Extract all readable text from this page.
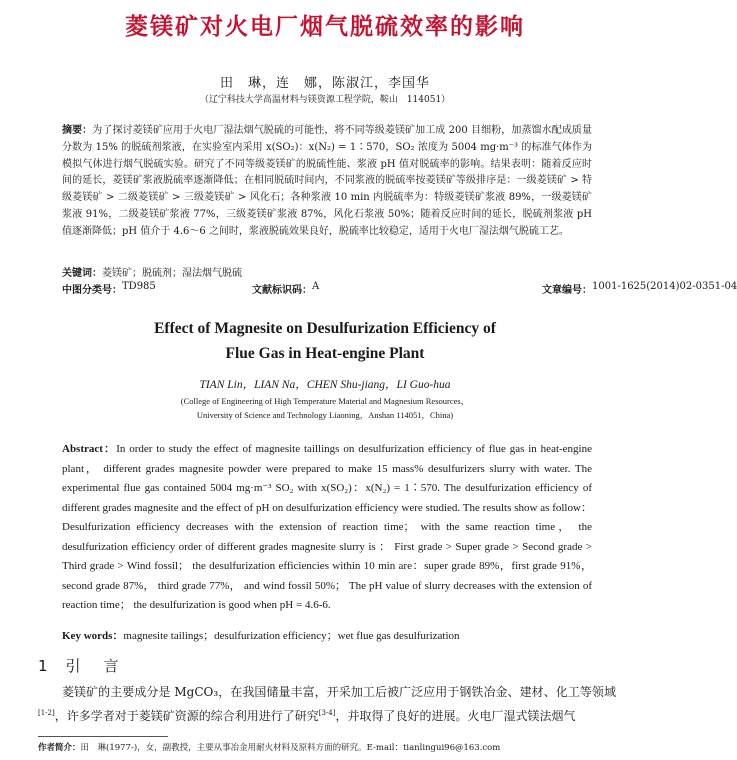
菱镁矿对火电厂烟气脱硫效率的影响
田　琳，连　娜，陈淑江，李国华
（辽宁科技大学高温材料与镁资源工程学院，鞍山　114051）
摘要：为了探讨菱镁矿应用于火电厂湿法烟气脱硫的可能性，将不同等级菱镁矿加工成 200 目细粉，加蒸馏水配成质量分数为 15% 的脱硫剂浆液，在实验室内采用 x(SO₂)：x(N₂) = 1∶570，SO₂ 浓度为 5004 mg·m⁻³ 的标准气体作为模拟气体进行烟气脱硫实验。研究了不同等级菱镁矿的脱硫性能、浆液 pH 值对脱硫率的影响。结果表明：随着反应时间的延长，菱镁矿浆液脱硫率逐渐降低；在相同脱硫时间内，不同浆液的脱硫率按菱镁矿等级排序是：一级菱镁矿 > 特级菱镁矿 > 二级菱镁矿 > 三级菱镁矿 > 风化石；各种浆液 10 min 内脱硫率为：特级菱镁矿浆液 89%，一级菱镁矿浆液 91%，二级菱镁矿浆液 77%，三级菱镁矿浆液 87%，风化石浆液 50%；随着反应时间的延长，脱硫剂浆液 pH 值逐渐降低；pH 值介于 4.6～6 之间时，浆液脱硫效果良好，脱硫率比较稳定，适用于火电厂湿法烟气脱硫工艺。
关键词：菱镁矿；脱硫剂；湿法烟气脱硫
中图分类号： TD985	文献标识码： A	文章编号： 1001-1625(2014)02-0351-04
Effect of Magnesite on Desulfurization Efficiency of
Flue Gas in Heat-engine Plant
TIAN Lin，LIAN Na，CHEN Shu-jiang，LI Guo-hua
(College of Engineering of High Temperature Material and Magnesium Resources，
University of Science and Technology Liaoning，Anshan 114051，China)
Abstract：In order to study the effect of magnesite taillings on desulfurization efficiency of flue gas in heat-engine plant， different grades magnesite powder were prepared to make 15 mass% desulfurizers slurry with water. The experimental flue gas contained 5004 mg·m⁻³ SO₂ with x(SO₂)：x(N₂) = 1∶570. The desulfurization efficiency of different grades magnesite and the effect of pH on desulfurization efficiency were studied. The results show as follow：Desulfurization efficiency decreases with the extension of reaction time； with the same reaction time， the desulfurization efficiency order of different grades magnesite slurry is ： First grade > Super grade > Second grade > Third grade > Wind fossil； the desulfurization efficiencies within 10 min are：super grade 89%，first grade 91%， second grade 87%， third grade 77%， and wind fossil 50%； The pH value of slurry decreases with the extension of reaction time； the desulfurization is good when pH = 4.6-6.
Key words：magnesite tailings；desulfurization efficiency；wet flue gas desulfurization
1 引　言
菱镁矿的主要成分是 MgCO₃，在我国储量丰富，开采加工后被广泛应用于钢铁冶金、建材、化工等领域[1-2]，许多学者对于菱镁矿资源的综合利用进行了研究[3-4]，并取得了良好的进展。火电厂湿式镁法烟气
作者简介：田　琳(1977-)，女，副教授，主要从事冶金用耐火材料及原料方面的研究。E-mail：tianlingui96@163.com
